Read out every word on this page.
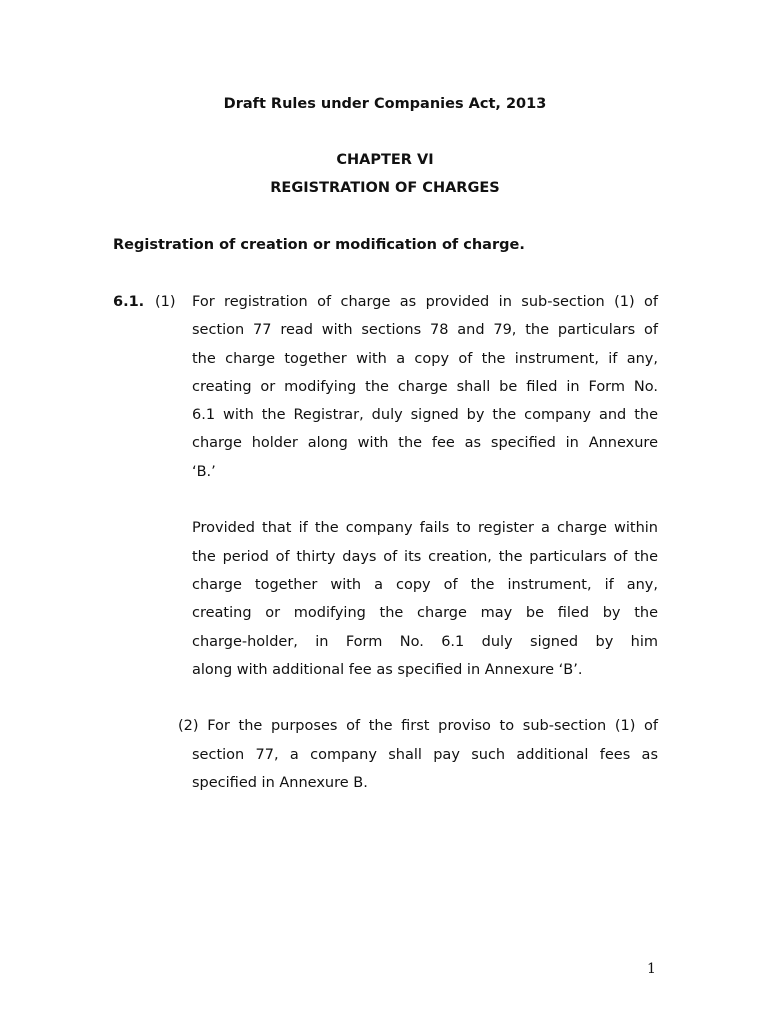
Draft Rules under Companies Act, 2013
CHAPTER VI
REGISTRATION OF CHARGES
Registration of creation or modification of charge.
6.1. (1) For registration of charge as provided in sub-section (1) of
section 77 read with sections 78 and 79, the particulars of
the charge together with a copy of the instrument, if any,
creating or modifying the charge shall be filed in Form No.
6.1 with the Registrar, duly signed by the company and the
charge holder along with the fee as specified in Annexure
‘B.’
Provided that if the company fails to register a charge within
the period of thirty days of its creation, the particulars of the
charge together with a copy of the instrument, if any,
creating or modifying the charge may be filed by the
charge-holder, in Form No. 6.1 duly signed by him
along with additional fee as specified in Annexure ‘B’.
(2) For the purposes of the first proviso to sub-section (1) of
section 77, a company shall pay such additional fees as
specified in Annexure B.
1
